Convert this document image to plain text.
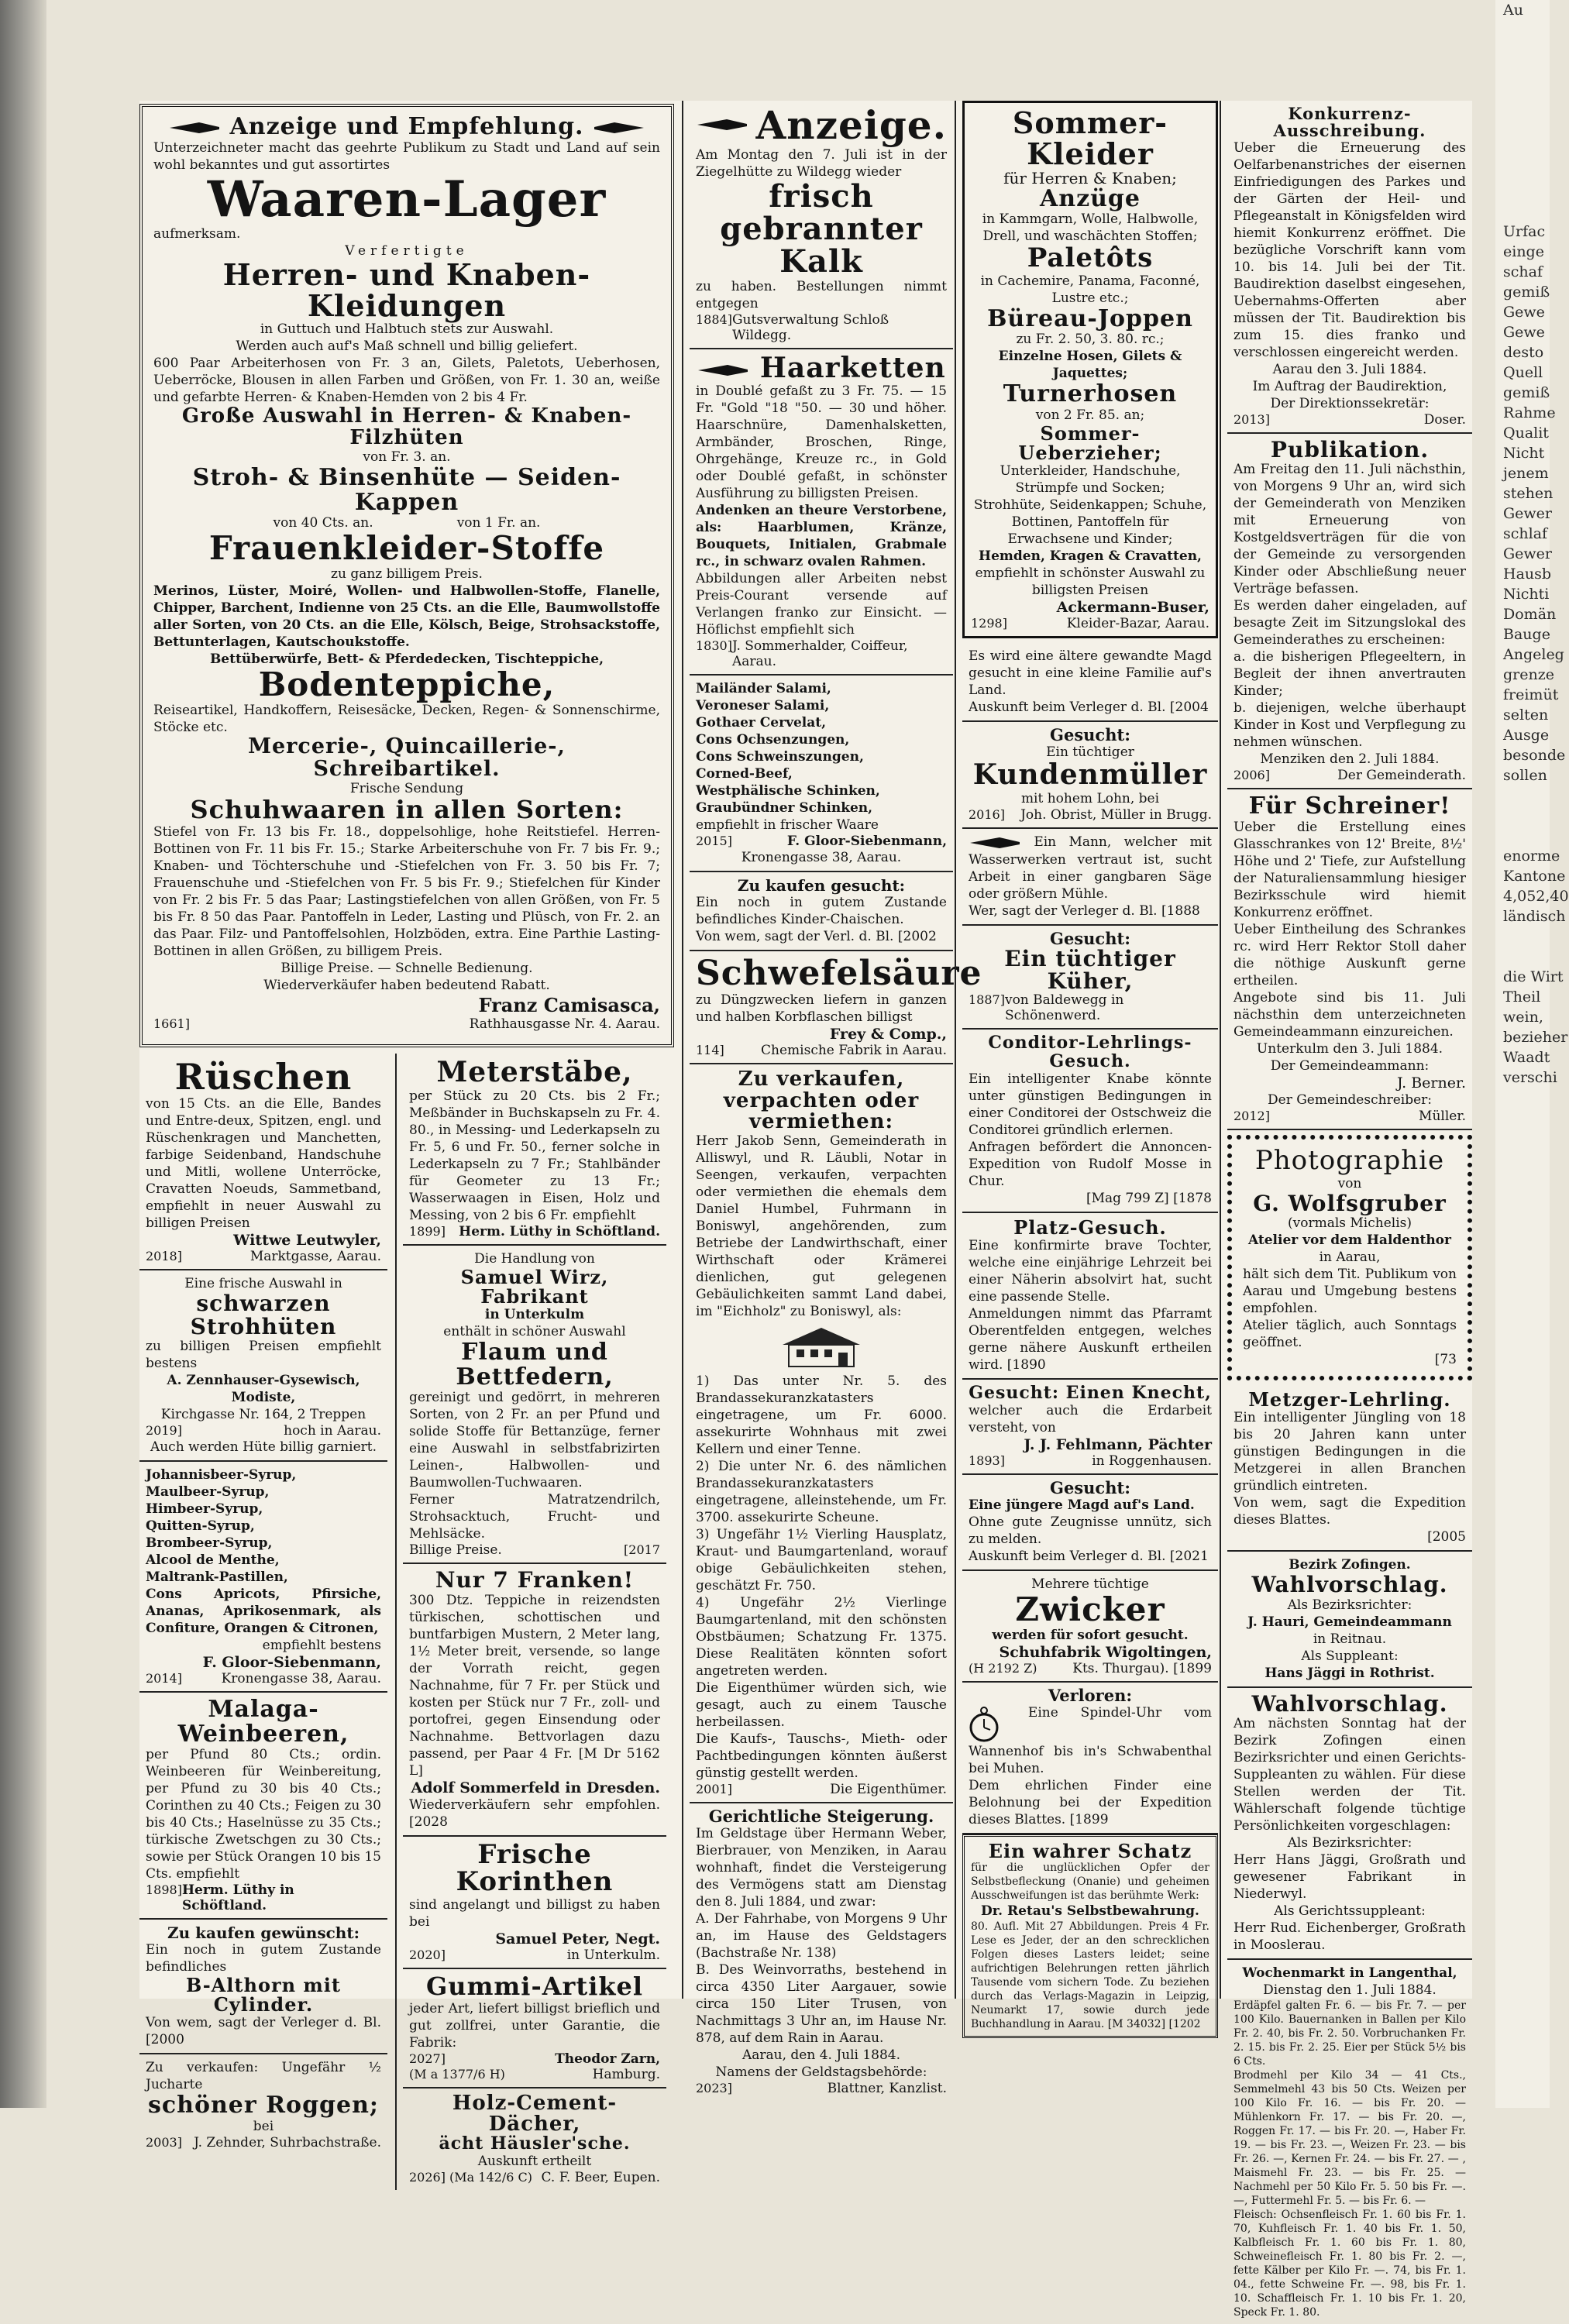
Au

Urfac
einge
schaf
gemiß
Gewe
Gewe
desto
Quell
gemiß
Rahme
Qualit
Nicht
jenem
stehen
Gewer
schlaf
Gewer
Hausb
Nichti
Domän
Bauge
Angeleg
grenze
freimüt
selten
Ausge
besonde
sollen

enorme
Kantone
4,052,40
ländisch

die Wirt
Theil
wein,
bezieher
Waadt
verschi

Anzeige und Empfehlung.
Unterzeichneter macht das geehrte Publikum zu Stadt und Land auf sein wohl bekanntes und gut assortirtes
Waaren-Lager
aufmerksam.
Verfertigte
Herren- und Knaben-Kleidungen
in Guttuch und Halbtuch stets zur Auswahl.
Werden auch auf's Maß schnell und billig geliefert.
600 Paar Arbeiterhosen von Fr. 3 an, Gilets, Paletots, Ueberhosen, Ueberröcke, Blousen in allen Farben und Größen, von Fr. 1. 30 an, weiße und gefarbte Herren- & Knaben-Hemden von 2 bis 4 Fr.
Große Auswahl in Herren- & Knaben-Filzhüten
von Fr. 3. an.
Stroh- & Binsenhüte — Seiden-Kappen
von 40 Cts. an.                    von 1 Fr. an.
Frauenkleider-Stoffe
zu ganz billigem Preis.
Merinos, Lüster, Moiré, Wollen- und Halbwollen-Stoffe, Flanelle, Chipper, Barchent, Indienne von 25 Cts. an die Elle, Baumwollstoffe aller Sorten, von 20 Cts. an die Elle, Kölsch, Beige, Strohsackstoffe, Bettunterlagen, Kautschoukstoffe.
Bettüberwürfe, Bett- & Pferdedecken, Tischteppiche,
Bodenteppiche,
Reiseartikel, Handkoffern, Reisesäcke, Decken, Regen- & Sonnenschirme, Stöcke etc.
Mercerie-, Quincaillerie-, Schreibartikel.
Frische Sendung
Schuhwaaren in allen Sorten:
Stiefel von Fr. 13 bis Fr. 18., doppelsohlige, hohe Reitstiefel. Herren-Bottinen von Fr. 11 bis Fr. 15.; Starke Arbeiterschuhe von Fr. 7 bis Fr. 9.; Knaben- und Töchterschuhe und -Stiefelchen von Fr. 3. 50 bis Fr. 7; Frauenschuhe und -Stiefelchen von Fr. 5 bis Fr. 9.; Stiefelchen für Kinder von Fr. 2 bis Fr. 5 das Paar; Lastingstiefelchen von allen Größen, von Fr. 5 bis Fr. 8 50 das Paar. Pantoffeln in Leder, Lasting und Plüsch, von Fr. 2. an das Paar. Filz- und Pantoffelsohlen, Holzböden, extra. Eine Parthie Lasting-Bottinen in allen Größen, zu billigem Preis.
Billige Preise. — Schnelle Bedienung.
Wiederverkäufer haben bedeutend Rabatt.
Franz Camisasca,
1661]	Rathhausgasse Nr. 4. Aarau.
Rüschen
von 15 Cts. an die Elle, Bandes und Entre-deux, Spitzen, engl. und Rüschenkragen und Manchetten, farbige Seidenband, Handschuhe und Mitli, wollene Unterröcke, Cravatten Noeuds, Sammetband, empfiehlt in neuer Auswahl zu billigen Preisen
Wittwe Leutwyler,
2018]	Marktgasse, Aarau.
Eine frische Auswahl in
schwarzen Strohhüten
zu billigen Preisen empfiehlt bestens
A. Zennhauser-Gysewisch, Modiste,
Kirchgasse Nr. 164, 2 Treppen
2019]	hoch in Aarau.
Auch werden Hüte billig garniert.
Johannisbeer-Syrup,
Maulbeer-Syrup,
Himbeer-Syrup,
Quitten-Syrup,
Brombeer-Syrup,
Alcool de Menthe,
Maltrank-Pastillen,
Cons Apricots, Pfirsiche, Ananas, Aprikosenmark, als Confiture, Orangen & Citronen,
empfiehlt bestens
F. Gloor-Siebenmann,
2014]	Kronengasse 38, Aarau.
Malaga-Weinbeeren,
per Pfund 80 Cts.; ordin. Weinbeeren für Weinbereitung, per Pfund zu 30 bis 40 Cts.; Corinthen zu 40 Cts.; Feigen zu 30 bis 40 Cts.; Haselnüsse zu 35 Cts.; türkische Zwetschgen zu 30 Cts.; sowie per Stück Orangen 10 bis 15 Cts. empfiehlt
1898] Herm. Lüthy in Schöftland.
Zu kaufen gewünscht:
Ein noch in gutem Zustande befindliches
B-Althorn mit Cylinder.
Von wem, sagt der Verleger d. Bl. [2000
Zu verkaufen: Ungefähr ½ Jucharte
schöner Roggen;
bei
2003] J. Zehnder, Suhrbachstraße.
Meterstäbe,
per Stück zu 20 Cts. bis 2 Fr.; Meßbänder in Buchskapseln zu Fr. 4. 80., in Messing- und Lederkapseln zu Fr. 5, 6 und Fr. 50., ferner solche in Lederkapseln zu 7 Fr.; Stahlbänder für Geometer zu 13 Fr.; Wasserwaagen in Eisen, Holz und Messing, von 2 bis 6 Fr. empfiehlt
1899] Herm. Lüthy in Schöftland.
Die Handlung von
Samuel Wirz, Fabrikant
in Unterkulm
enthält in schöner Auswahl
Flaum und Bettfedern,
gereinigt und gedörrt, in mehreren Sorten, von 2 Fr. an per Pfund und solide Stoffe für Bettanzüge, ferner eine Auswahl in selbstfabrizirten Leinen-, Halbwollen- und Baumwollen-Tuchwaaren.
Ferner Matratzendrilch, Strohsacktuch, Frucht- und Mehlsäcke.
Billige Preise.	[2017
Nur 7 Franken!
300 Dtz. Teppiche in reizendsten türkischen, schottischen und buntfarbigen Mustern, 2 Meter lang, 1½ Meter breit, versende, so lange der Vorrath reicht, gegen Nachnahme, für 7 Fr. per Stück und kosten per Stück nur 7 Fr., zoll- und portofrei, gegen Einsendung oder Nachnahme. Bettvorlagen dazu passend, per Paar 4 Fr. [M Dr 5162 L]
Adolf Sommerfeld in Dresden.
Wiederverkäufern sehr empfohlen. [2028
Frische Korinthen
sind angelangt und billigst zu haben bei
Samuel Peter, Negt.
2020]	in Unterkulm.
Gummi-Artikel
jeder Art, liefert billigst brieflich und gut zollfrei, unter Garantie, die Fabrik:
2027]	Theodor Zarn,
(M a 1377/6 H)	Hamburg.
Holz-Cement-Dächer,
ächt Häusler'sche.
Auskunft ertheilt
2026] (Ma 142/6 C) C. F. Beer, Eupen.
Anzeige.
Am Montag den 7. Juli ist in der Ziegelhütte zu Wildegg wieder
frisch gebrannter Kalk
zu haben. Bestellungen nimmt entgegen
1884] Gutsverwaltung Schloß Wildegg.
Haarketten
in Doublé gefaßt zu 3 Fr. 75. — 15 Fr. "Gold "18 "50. — 30 und höher. Haarschnüre, Damenhalsketten, Armbänder, Broschen, Ringe, Ohrgehänge, Kreuze rc., in Gold oder Doublé gefaßt, in schönster Ausführung zu billigsten Preisen.
Andenken an theure Verstorbene, als: Haarblumen, Kränze, Bouquets, Initialen, Grabmale rc., in schwarz ovalen Rahmen.
Abbildungen aller Arbeiten nebst Preis-Courant versende auf Verlangen franko zur Einsicht. — Höflichst empfiehlt sich
1830] J. Sommerhalder, Coiffeur, Aarau.
Mailänder Salami,
Veroneser Salami,
Gothaer Cervelat,
Cons Ochsenzungen,
Cons Schweinszungen,
Corned-Beef,
Westphälische Schinken,
Graubündner Schinken,
empfiehlt in frischer Waare
2015]	F. Gloor-Siebenmann,
Kronengasse 38, Aarau.
Zu kaufen gesucht:
Ein noch in gutem Zustande befindliches Kinder-Chaischen.
Von wem, sagt der Verl. d. Bl. [2002
Schwefelsäure
zu Düngzwecken liefern in ganzen und halben Korbflaschen billigst
Frey & Comp.,
114]	Chemische Fabrik in Aarau.
Zu verkaufen, verpachten oder vermiethen:
Herr Jakob Senn, Gemeinderath in Alliswyl, und R. Läubli, Notar in Seengen, verkaufen, verpachten oder vermiethen die ehemals dem Daniel Humbel, Fuhrmann in Boniswyl, angehörenden, zum Betriebe der Landwirthschaft, einer Wirthschaft oder Krämerei dienlichen, gut gelegenen Gebäulichkeiten sammt Land dabei, im "Eichholz" zu Boniswyl, als:
1) Das unter Nr. 5. des Brandassekuranzkatasters eingetragene, um Fr. 6000. assekurirte Wohnhaus mit zwei Kellern und einer Tenne.
2) Die unter Nr. 6. des nämlichen Brandassekuranzkatasters eingetragene, alleinstehende, um Fr. 3700. assekurirte Scheune.
3) Ungefähr 1½ Vierling Hausplatz, Kraut- und Baumgartenland, worauf obige Gebäulichkeiten stehen, geschätzt Fr. 750.
4) Ungefähr 2½ Vierlinge Baumgartenland, mit den schönsten Obstbäumen; Schatzung Fr. 1375. Diese Realitäten könnten sofort angetreten werden.
Die Eigenthümer würden sich, wie gesagt, auch zu einem Tausche herbeilassen.
Die Kaufs-, Tauschs-, Mieth- oder Pachtbedingungen könnten äußerst günstig gestellt werden.
2001]	Die Eigenthümer.
Gerichtliche Steigerung.
Im Geldstage über Hermann Weber, Bierbrauer, von Menziken, in Aarau wohnhaft, findet die Versteigerung des Vermögens statt am Dienstag den 8. Juli 1884, und zwar:
A. Der Fahrhabe, von Morgens 9 Uhr an, im Hause des Geldstagers (Bachstraße Nr. 138)
B. Des Weinvorraths, bestehend in circa 4350 Liter Aargauer, sowie circa 150 Liter Trusen, von Nachmittags 3 Uhr an, im Hause Nr. 878, auf dem Rain in Aarau.
Aarau, den 4. Juli 1884.
Namens der Geldstagsbehörde:
2023]	Blattner, Kanzlist.
Sommer-Kleider
für Herren & Knaben;
Anzüge
in Kammgarn, Wolle, Halbwolle, Drell, und waschächten Stoffen;
Paletôts
in Cachemire, Panama, Faconné, Lustre etc.;
Büreau-Joppen
zu Fr. 2. 50, 3. 80. rc.;
Einzelne Hosen, Gilets & Jaquettes;
Turnerhosen
von 2 Fr. 85. an;
Sommer-Ueberzieher;
Unterkleider, Handschuhe, Strümpfe und Socken;
Strohhüte, Seidenkappen; Schuhe, Bottinen, Pantoffeln für Erwachsene und Kinder;
Hemden, Kragen & Cravatten,
empfiehlt in schönster Auswahl zu billigsten Preisen
Ackermann-Buser,
1298]	Kleider-Bazar, Aarau.
Es wird eine ältere gewandte Magd gesucht in eine kleine Familie auf's Land.
Auskunft beim Verleger d. Bl. [2004
Gesucht:
Ein tüchtiger
Kundenmüller
mit hohem Lohn, bei
2016] Joh. Obrist, Müller in Brugg.
Ein Mann, welcher mit Wasserwerken vertraut ist, sucht Arbeit in einer gangbaren Säge oder größern Mühle.
Wer, sagt der Verleger d. Bl. [1888
Gesucht:
Ein tüchtiger Küher,
1887] von Baldewegg in Schönenwerd.
Conditor-Lehrlings-Gesuch.
Ein intelligenter Knabe könnte unter günstigen Bedingungen in einer Conditorei der Ostschweiz die Conditorei gründlich erlernen.
Anfragen befördert die Annoncen-Expedition von Rudolf Mosse in Chur.
[Mag 799 Z] [1878
Platz-Gesuch.
Eine konfirmirte brave Tochter, welche eine einjährige Lehrzeit bei einer Näherin absolvirt hat, sucht eine passende Stelle.
Anmeldungen nimmt das Pfarramt Oberentfelden entgegen, welches gerne nähere Auskunft ertheilen wird. [1890
Gesucht: Einen Knecht,
welcher auch die Erdarbeit versteht, von
J. J. Fehlmann, Pächter
1893]	in Roggenhausen.
Gesucht:
Eine jüngere Magd auf's Land.
Ohne gute Zeugnisse unnütz, sich zu melden.
Auskunft beim Verleger d. Bl. [2021
Mehrere tüchtige
Zwicker
werden für sofort gesucht.
Schuhfabrik Wigoltingen,
(H 2192 Z)	Kts. Thurgau). [1899
Verloren:
Eine Spindel-Uhr vom Wannenhof bis in's Schwabenthal bei Muhen.
Dem ehrlichen Finder eine Belohnung bei der Expedition dieses Blattes. [1899
Ein wahrer Schatz
für die unglücklichen Opfer der Selbstbefleckung (Onanie) und geheimen Ausschweifungen ist das berühmte Werk:
Dr. Retau's Selbstbewahrung.
80. Aufl. Mit 27 Abbildungen. Preis 4 Fr. Lese es Jeder, der an den schrecklichen Folgen dieses Lasters leidet; seine aufrichtigen Belehrungen retten jährlich Tausende vom sichern Tode. Zu beziehen durch das Verlags-Magazin in Leipzig, Neumarkt 17, sowie durch jede Buchhandlung in Aarau. [M 34032] [1202
Konkurrenz-Ausschreibung.
Ueber die Erneuerung des Oelfarbenanstriches der eisernen Einfriedigungen des Parkes und der Gärten der Heil- und Pflegeanstalt in Königsfelden wird hiemit Konkurrenz eröffnet. Die bezügliche Vorschrift kann vom 10. bis 14. Juli bei der Tit. Baudirektion daselbst eingesehen, Uebernahms-Offerten aber müssen der Tit. Baudirektion bis zum 15. dies franko und verschlossen eingereicht werden.
Aarau den 3. Juli 1884.
Im Auftrag der Baudirektion,
Der Direktionssekretär:
2013]	Doser.
Publikation.
Am Freitag den 11. Juli nächsthin, von Morgens 9 Uhr an, wird sich der Gemeinderath von Menziken mit Erneuerung von Kostgeldsverträgen für die von der Gemeinde zu versorgenden Kinder oder Abschließung neuer Verträge befassen.
Es werden daher eingeladen, auf besagte Zeit im Sitzungslokal des Gemeinderathes zu erscheinen:
a. die bisherigen Pflegeeltern, in Begleit der ihnen anvertrauten Kinder;
b. diejenigen, welche überhaupt Kinder in Kost und Verpflegung zu nehmen wünschen.
Menziken den 2. Juli 1884.
2006]	Der Gemeinderath.
Für Schreiner!
Ueber die Erstellung eines Glasschrankes von 12' Breite, 8½' Höhe und 2' Tiefe, zur Aufstellung der Naturaliensammlung hiesiger Bezirksschule wird hiemit Konkurrenz eröffnet.
Ueber Eintheilung des Schrankes rc. wird Herr Rektor Stoll daher die nöthige Auskunft gerne ertheilen.
Angebote sind bis 11. Juli nächsthin dem unterzeichneten Gemeindeammann einzureichen.
Unterkulm den 3. Juli 1884.
Der Gemeindeammann:
J. Berner.
Der Gemeindeschreiber:
2012]	Müller.
Photographie
von
G. Wolfsgruber
(vormals Michelis)
Atelier vor dem Haldenthor
in Aarau,
hält sich dem Tit. Publikum von Aarau und Umgebung bestens empfohlen.
Atelier täglich, auch Sonntags geöffnet.
[73
Metzger-Lehrling.
Ein intelligenter Jüngling von 18 bis 20 Jahren kann unter günstigen Bedingungen in die Metzgerei in allen Branchen gründlich eintreten.
Von wem, sagt die Expedition dieses Blattes.
[2005
Bezirk Zofingen.
Wahlvorschlag.
Als Bezirksrichter:
J. Hauri, Gemeindeammann
in Reitnau.
Als Suppleant:
Hans Jäggi in Rothrist.
Wahlvorschlag.
Am nächsten Sonntag hat der Bezirk Zofingen einen Bezirksrichter und einen Gerichts-Suppleanten zu wählen. Für diese Stellen werden der Tit. Wählerschaft folgende tüchtige Persönlichkeiten vorgeschlagen:
Als Bezirksrichter:
Herr Hans Jäggi, Großrath und gewesener Fabrikant in Niederwyl.
Als Gerichtssuppleant:
Herr Rud. Eichenberger, Großrath in Mooslerau.
Wochenmarkt in Langenthal,
Dienstag den 1. Juli 1884.
Erdäpfel galten Fr. 6. — bis Fr. 7. — per 100 Kilo. Bauernanken in Ballen per Kilo Fr. 2. 40, bis Fr. 2. 50. Vorbruchanken Fr. 2. 15. bis Fr. 2. 25. Eier per Stück 5½ bis 6 Cts.
Brodmehl per Kilo 34 — 41 Cts., Semmelmehl 43 bis 50 Cts. Weizen per 100 Kilo Fr. 16. — bis Fr. 20. — Mühlenkorn Fr. 17. — bis Fr. 20. —, Roggen Fr. 17. — bis Fr. 20. —, Haber Fr. 19. — bis Fr. 23. —, Weizen Fr. 23. — bis Fr. 26. —, Kernen Fr. 24. — bis Fr. 27. — , Maismehl Fr. 23. — bis Fr. 25. — Nachmehl per 50 Kilo Fr. 5. 50 bis Fr. —. —, Futtermehl Fr. 5. — bis Fr. 6. —
Fleisch: Ochsenfleisch Fr. 1. 60 bis Fr. 1. 70, Kuhfleisch Fr. 1. 40 bis Fr. 1. 50, Kalbfleisch Fr. 1. 60 bis Fr. 1. 80, Schweinefleisch Fr. 1. 80 bis Fr. 2. —, fette Kälber per Kilo Fr. —. 74, bis Fr. 1. 04., fette Schweine Fr. —. 98, bis Fr. 1. 10. Schaffleisch Fr. 1. 10 bis Fr. 1. 20, Speck Fr. 1. 80.
